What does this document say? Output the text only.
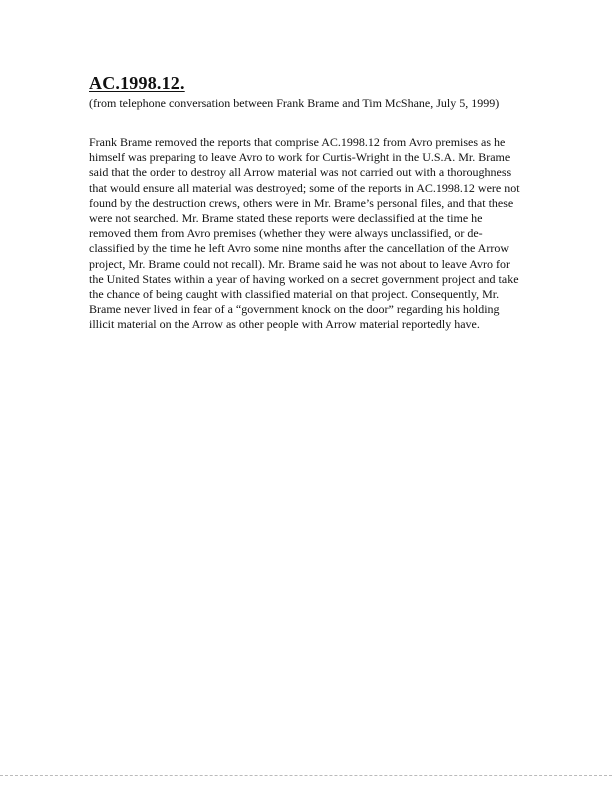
AC.1998.12.

(from telephone conversation between Frank Brame and Tim McShane, July 5, 1999)

Frank Brame removed the reports that comprise AC.1998.12 from Avro premises as he
himself was preparing to leave Avro to work for Curtis-Wright in the U.S.A. Mr. Brame
said that the order to destroy all Arrow material was not carried out with a thoroughness
that would ensure all material was destroyed; some of the reports in AC.1998.12 were not
found by the destruction crews, others were in Mr. Brame’s personal files, and that these
were not searched. Mr. Brame stated these reports were declassified at the time he
removed them from Avro premises (whether they were always unclassified, or de-
classified by the time he left Avro some nine months after the cancellation of the Arrow
project, Mr. Brame could not recall). Mr. Brame said he was not about to leave Avro for
the United States within a year of having worked on a secret government project and take
the chance of being caught with classified material on that project. Consequently, Mr.
Brame never lived in fear of a “government knock on the door” regarding his holding
illicit material on the Arrow as other people with Arrow material reportedly have.
